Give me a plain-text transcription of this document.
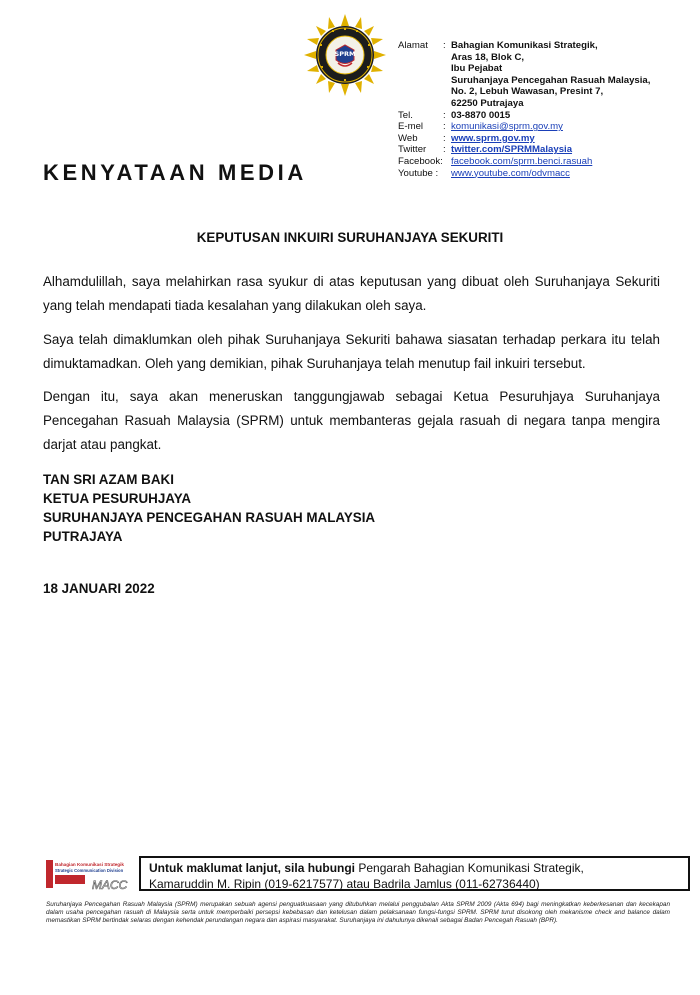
SPRM
Alamat	: Bahagian Komunikasi Strategik,
Aras 18, Blok C,
Ibu Pejabat
Suruhanjaya Pencegahan Rasuah Malaysia,
No. 2, Lebuh Wawasan, Presint 7,
62250 Putrajaya
Tel.	: 03-8870 0015
E-mel	: komunikasi@sprm.gov.my
Web	: www.sprm.gov.my
Twitter	: twitter.com/SPRMMalaysia
Facebook: facebook.com/sprm.benci.rasuah
Youtube :	www.youtube.com/odvmacc
KENYATAAN MEDIA
KEPUTUSAN INKUIRI SURUHANJAYA SEKURITI
Alhamdulillah, saya melahirkan rasa syukur di atas keputusan yang dibuat oleh Suruhanjaya Sekuriti yang telah mendapati tiada kesalahan yang dilakukan oleh saya.
Saya telah dimaklumkan oleh pihak Suruhanjaya Sekuriti bahawa siasatan terhadap perkara itu telah dimuktamadkan. Oleh yang demikian, pihak Suruhanjaya telah menutup fail inkuiri tersebut.
Dengan itu, saya akan meneruskan tanggungjawab sebagai Ketua Pesuruhjaya Suruhanjaya Pencegahan Rasuah Malaysia (SPRM) untuk membanteras gejala rasuah di negara tanpa mengira darjat atau pangkat.
TAN SRI AZAM BAKI
KETUA PESURUHJAYA
SURUHANJAYA PENCEGAHAN RASUAH MALAYSIA
PUTRAJAYA
18 JANUARI 2022
Bahagian Komunikasi Strategik
Strategic Communication Division
MACC
Untuk maklumat lanjut, sila hubungi Pengarah Bahagian Komunikasi Strategik,
Kamaruddin M. Ripin (019-6217577) atau Badrila Jamlus (011-62736440)
Suruhanjaya Pencegahan Rasuah Malaysia (SPRM) merupakan sebuah agensi penguatkuasaan yang ditubuhkan melalui penggubalan Akta SPRM 2009 (Akta 694) bagi meningkatkan keberkesanan dan kecekapan dalam usaha pencegahan rasuah di Malaysia serta untuk memperbaiki persepsi kebebasan dan ketelusan dalam pelaksanaan fungsi-fungsi SPRM. SPRM turut disokong oleh mekanisme check and balance dalam memastikan SPRM bertindak selaras dengan kehendak perundangan negara dan aspirasi masyarakat. Suruhanjaya ini dahulunya dikenali sebagai Badan Pencegah Rasuah (BPR).
